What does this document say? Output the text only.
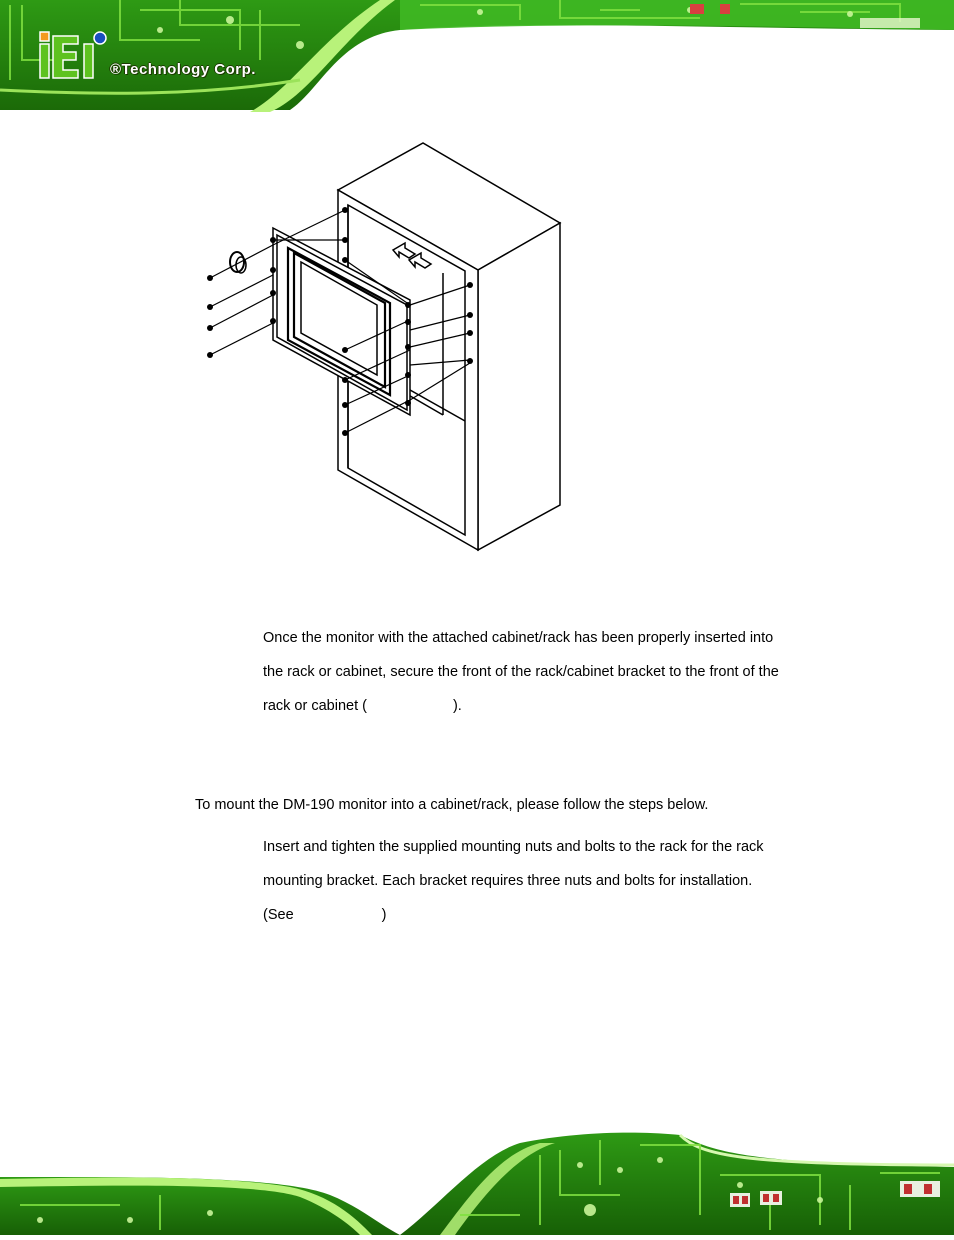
®Technology Corp.
Once the monitor with the attached cabinet/rack has been properly inserted into
the rack or cabinet, secure the front of the rack/cabinet bracket to the front of the
rack or cabinet (	).
To mount the DM-190 monitor into a cabinet/rack, please follow the steps below.
Insert and tighten the supplied mounting nuts and bolts to the rack for the rack
mounting bracket. Each bracket requires three nuts and bolts for installation.
(See	)
